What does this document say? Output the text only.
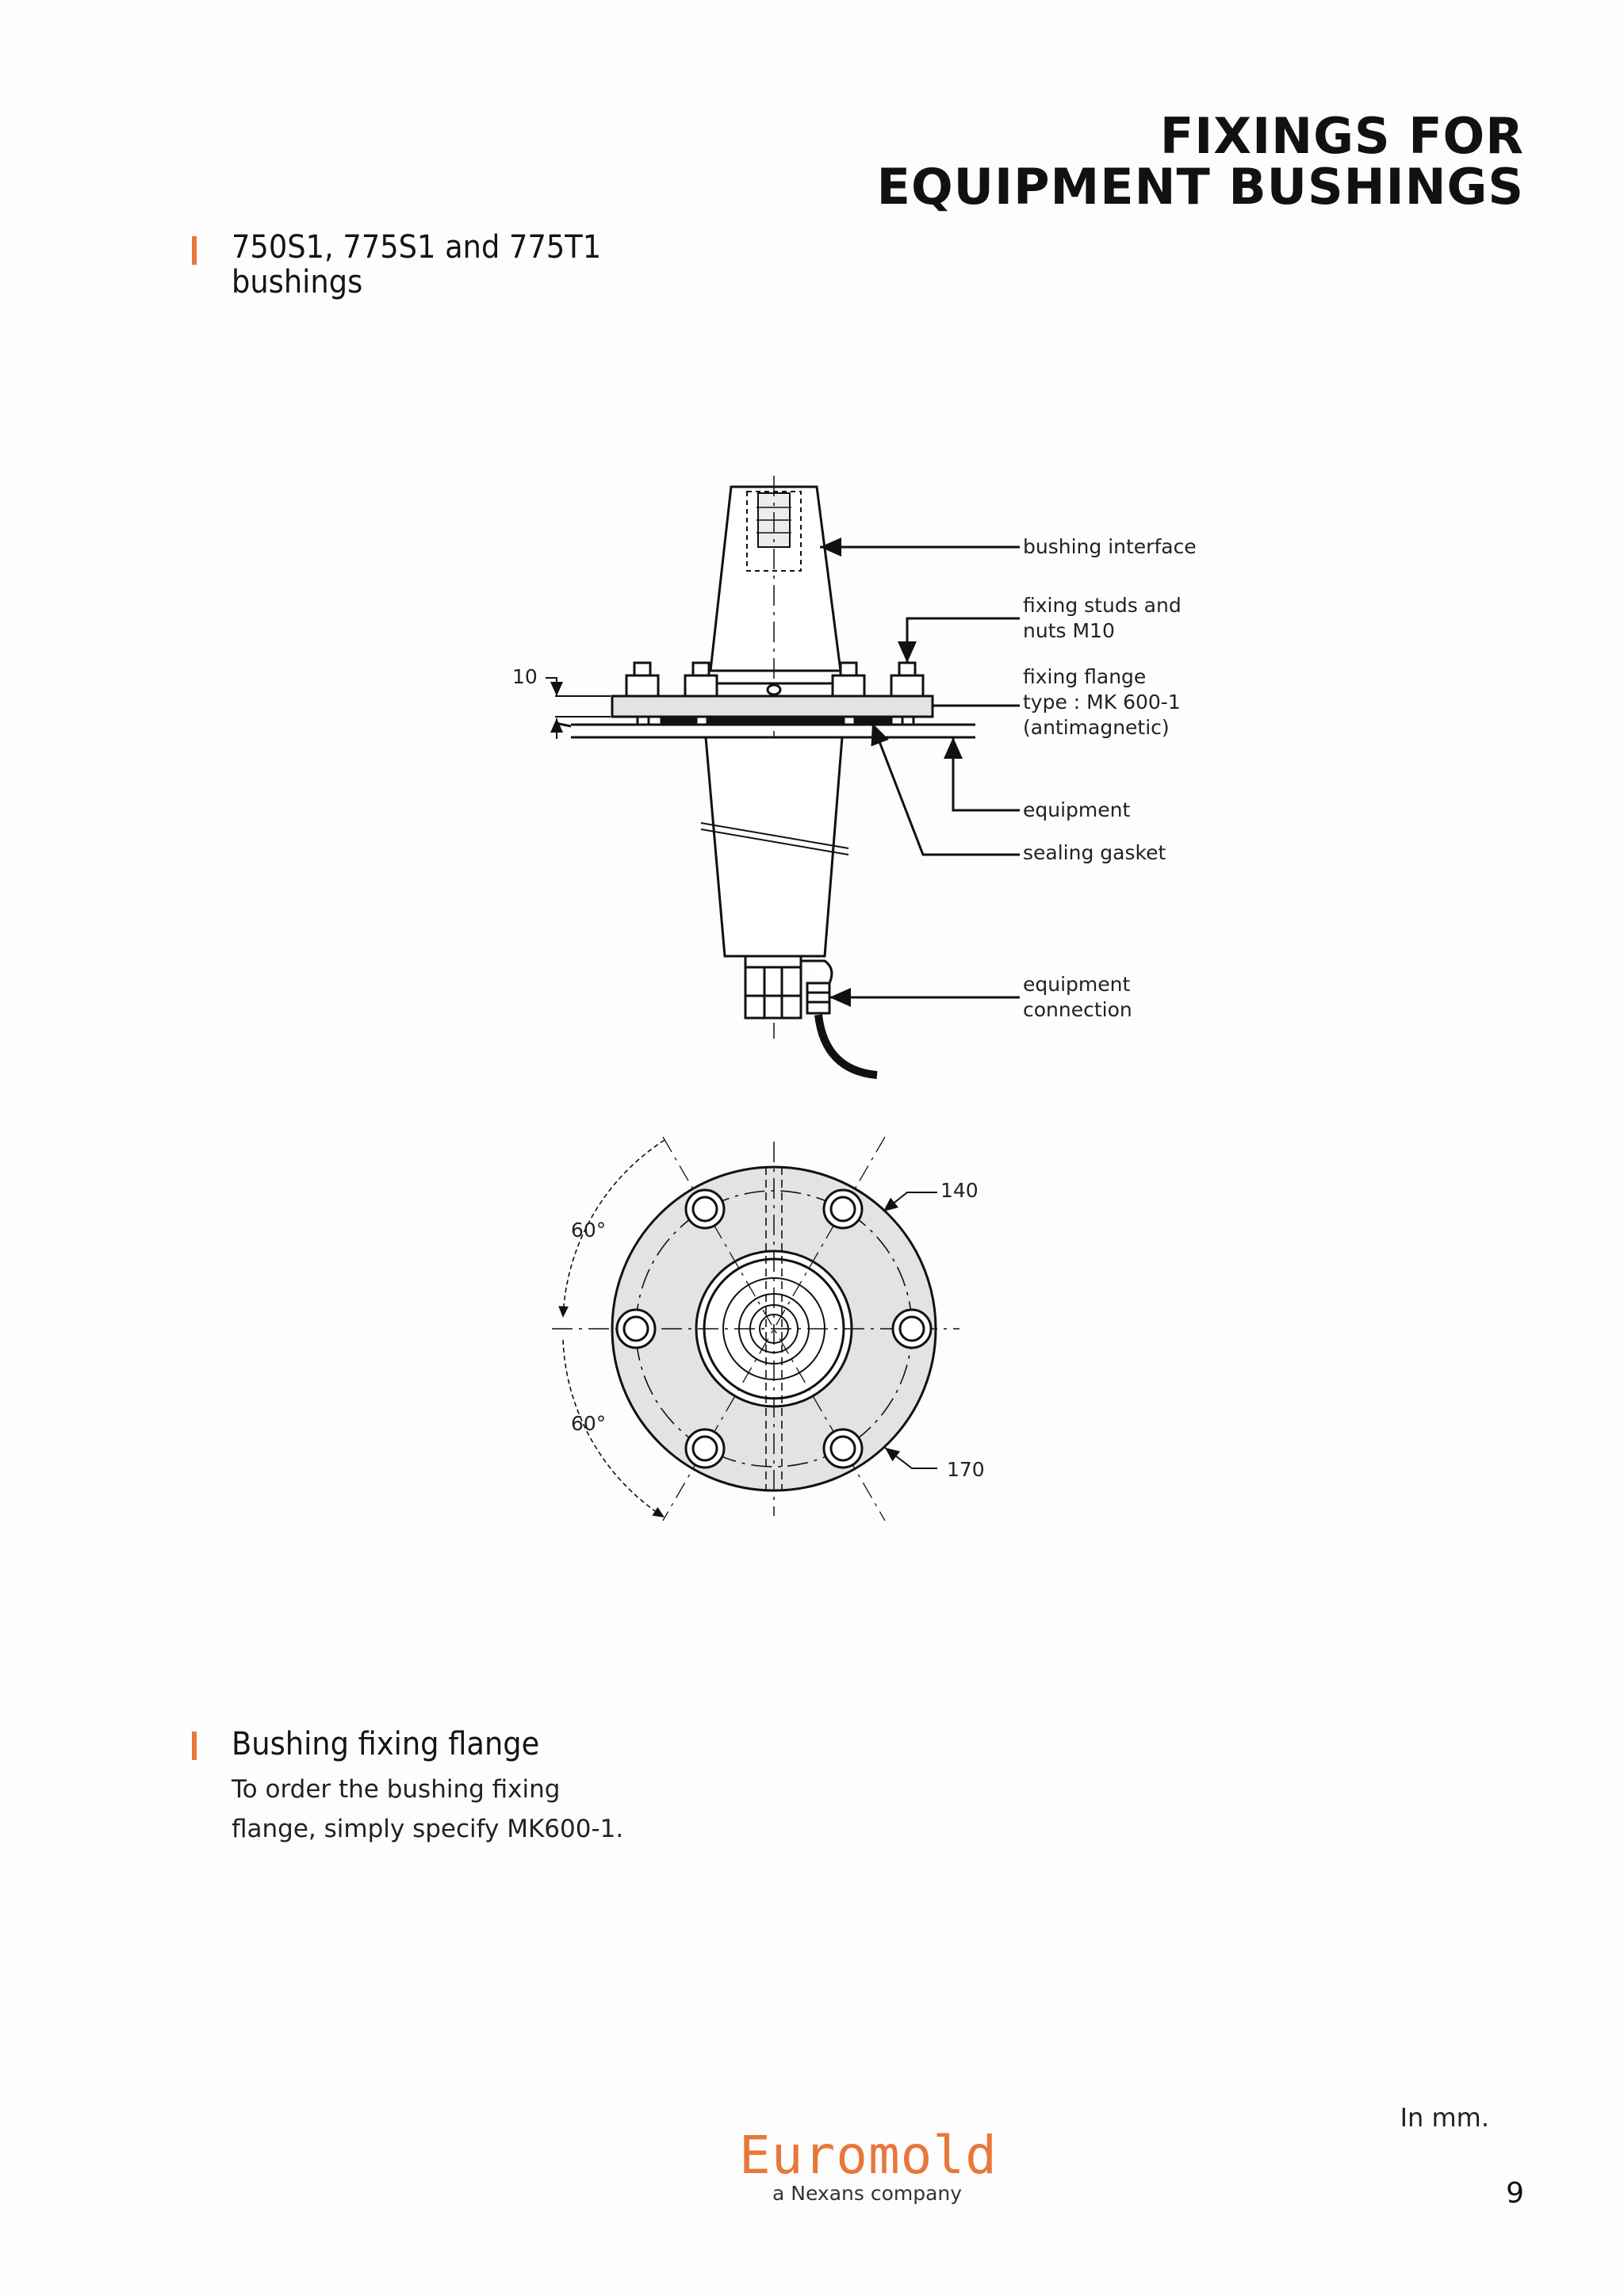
FIXINGS FOR
EQUIPMENT BUSHINGS
750S1, 775S1 and 775T1
bushings
bushing interface
fixing studs and
nuts M10
fixing flange
type : MK 600-1
(antimagnetic)
equipment
sealing gasket
equipment
connection
10
60°
60°
140
170
Bushing fixing flange
To order the bushing fixing
flange, simply specify MK600-1.
In mm.
Euromold
a Nexans company	9
